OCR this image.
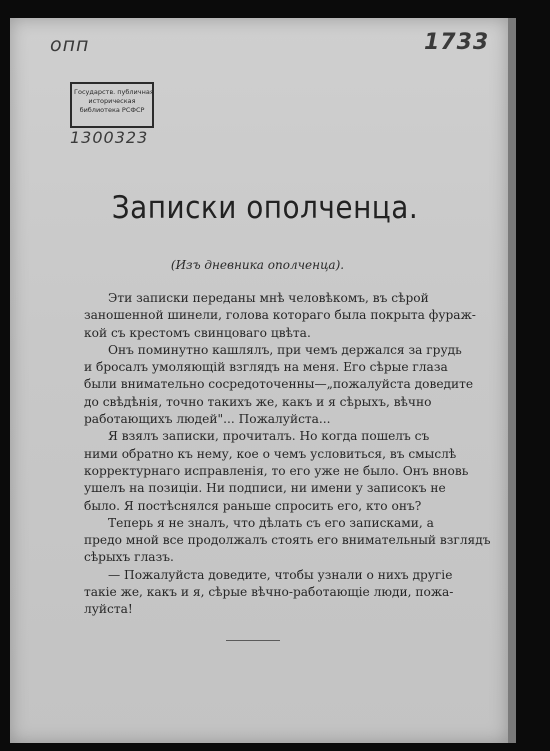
опп	1733
Государств. публичная
историческая
библиотека РСФСР
1300323
Записки ополченца.
(Изъ дневника ополченца).
Эти записки переданы мнѣ человѣкомъ, въ сѣрой
заношенной шинели, голова котораго была покрыта фураж-
кой съ крестомъ свинцоваго цвѣта.
Онъ поминутно кашлялъ, при чемъ держался за грудь
и бросалъ умоляющій взглядъ на меня. Его сѣрые глаза
были внимательно сосредоточенны—„пожалуйста доведите
до свѣдѣнія, точно такихъ же, какъ и я сѣрыхъ, вѣчно
работающихъ людей"... Пожалуйста...
Я взялъ записки, прочиталъ. Но когда пошелъ съ
ними обратно къ нему, кое о чемъ условиться, въ смыслѣ
корректурнаго исправленія, то его уже не было. Онъ вновь
ушелъ на позиціи. Ни подписи, ни имени у записокъ не
было. Я постѣснялся раньше спросить его, кто онъ?
Теперь я не зналъ, что дѣлать съ его записками, а
предо мной все продолжалъ стоять его внимательный взглядъ
сѣрыхъ глазъ.
— Пожалуйста доведите, чтобы узнали о нихъ другіе
такіе же, какъ и я, сѣрые вѣчно-работающіе люди, пожа-
луйста!
